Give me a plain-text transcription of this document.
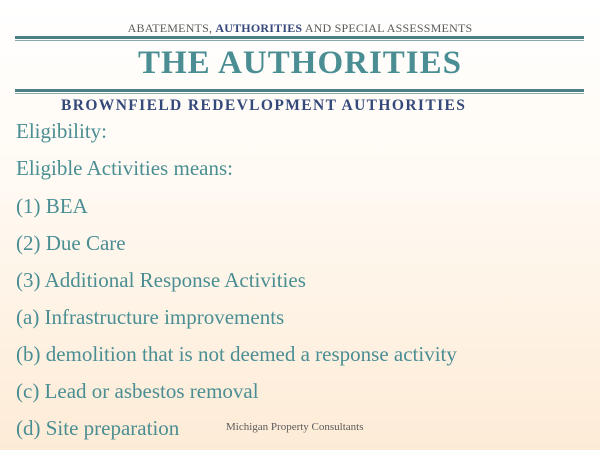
ABATEMENTS, AUTHORITIES AND SPECIAL ASSESSMENTS
THE AUTHORITIES
BROWNFIELD REDEVLOPMENT AUTHORITIES
Eligibility:
Eligible Activities means:
(1) BEA
(2) Due Care
(3) Additional Response Activities
(a) Infrastructure improvements
(b) demolition that is not deemed a response activity
(c) Lead or asbestos removal
(d) Site preparation	Michigan Property Consultants
